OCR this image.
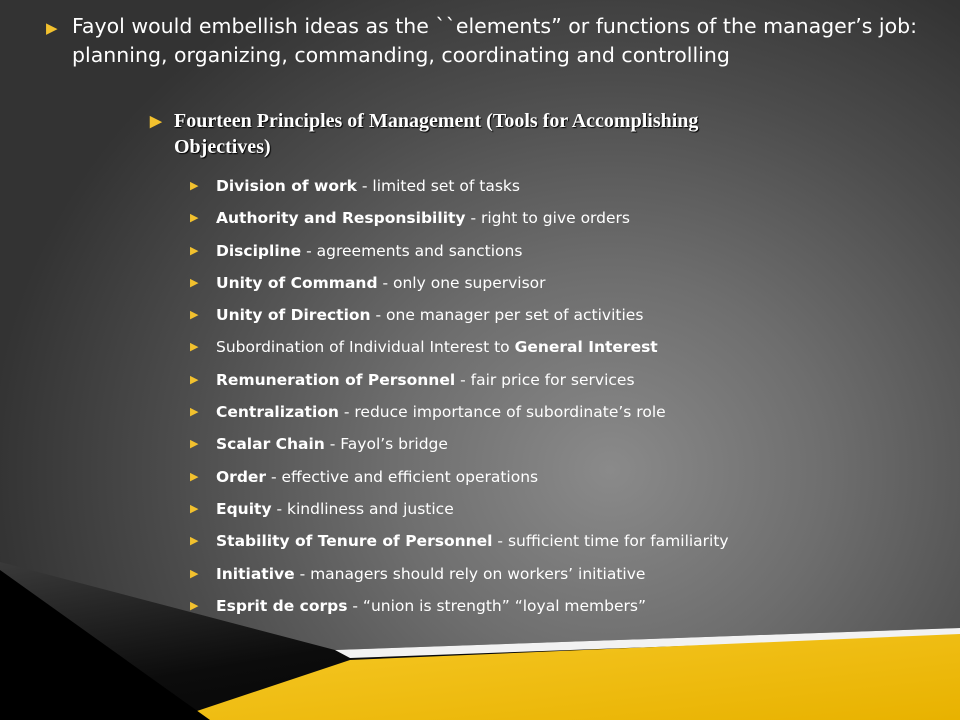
▶ Fayol would embellish ideas as the ``elements” or functions of the manager’s job: planning, organizing, commanding, coordinating and controlling
▶ Fourteen Principles of Management (Tools for Accomplishing Objectives)
▶ Division of work - limited set of tasks
▶ Authority and Responsibility - right to give orders
▶ Discipline - agreements and sanctions
▶ Unity of Command - only one supervisor
▶ Unity of Direction - one manager per set of activities
▶ Subordination of Individual Interest to General Interest
▶ Remuneration of Personnel - fair price for services
▶ Centralization - reduce importance of subordinate’s role
▶ Scalar Chain - Fayol’s bridge
▶ Order - effective and efficient operations
▶ Equity - kindliness and justice
▶ Stability of Tenure of Personnel - sufficient time for familiarity
▶ Initiative - managers should rely on workers’ initiative
▶ Esprit de corps - “union is strength” “loyal members”
